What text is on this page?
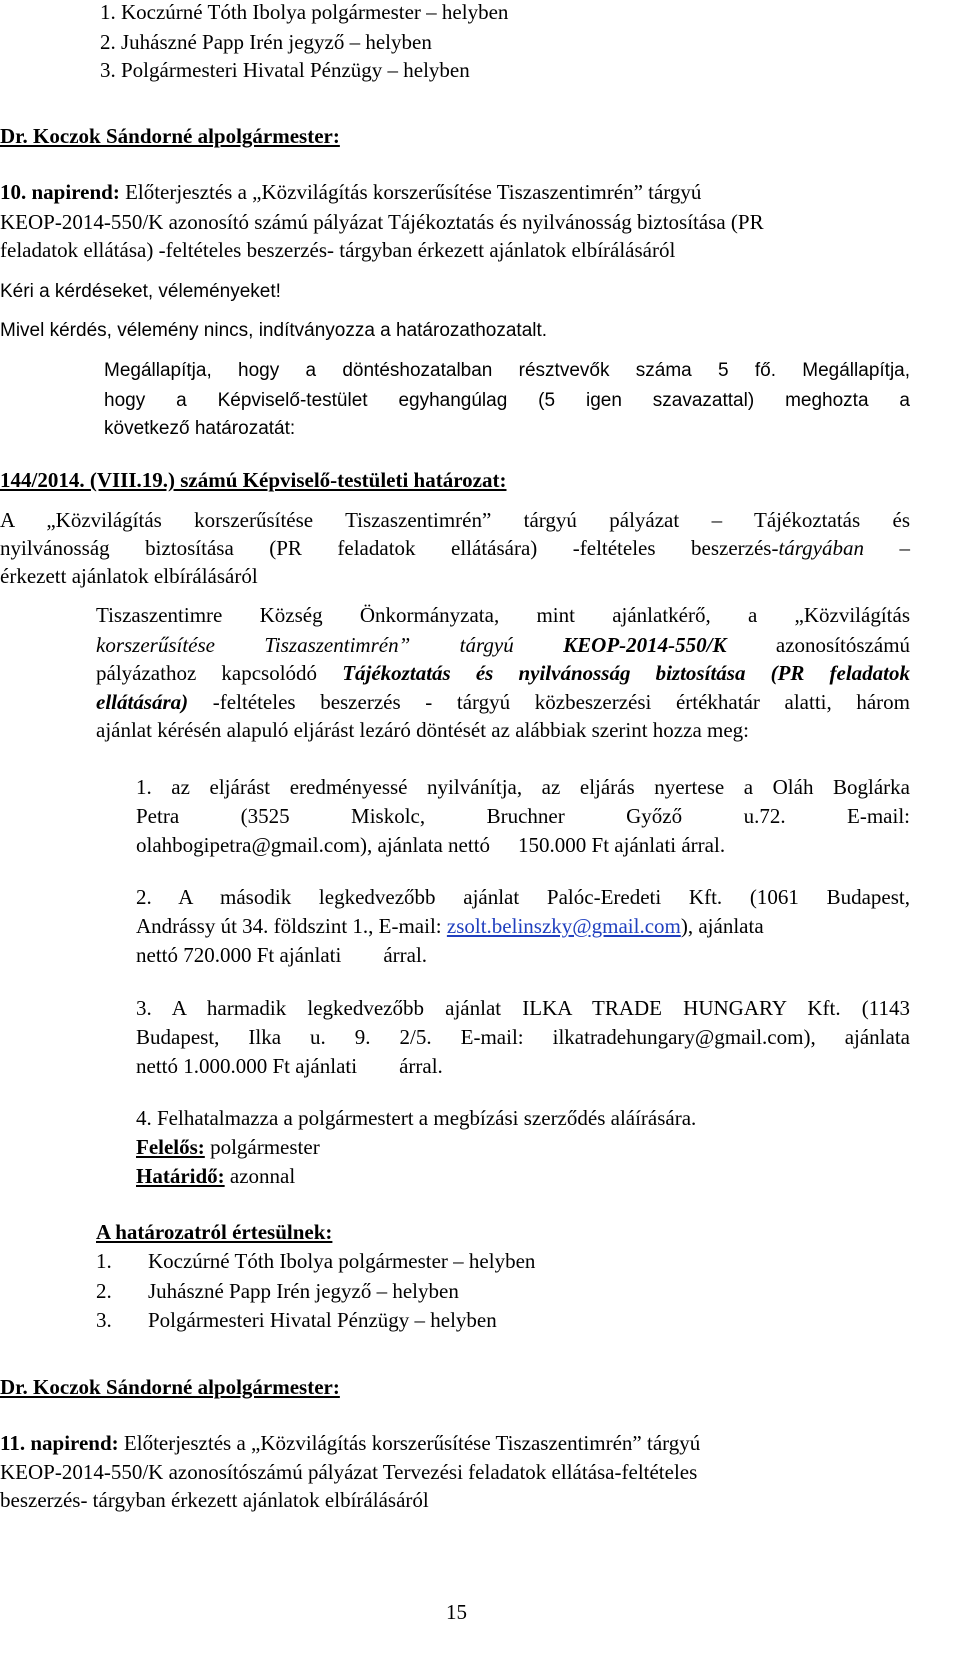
1. Koczúrné Tóth Ibolya polgármester – helyben
2. Juhászné Papp Irén jegyző – helyben
3. Polgármesteri Hivatal Pénzügy – helyben
Dr. Koczok Sándorné alpolgármester:
10. napirend: Előterjesztés a „Közvilágítás korszerűsítése Tiszaszentimrén” tárgyú
KEOP-2014-550/K azonosító számú pályázat Tájékoztatás és nyilvánosság biztosítása (PR
feladatok ellátása) -feltételes beszerzés- tárgyban érkezett ajánlatok elbírálásáról
Kéri a kérdéseket, véleményeket!
Mivel kérdés, vélemény nincs, indítványozza a határozathozatalt.
Megállapítja, hogy a döntéshozatalban résztvevők száma 5 fő. Megállapítja,
hogy a Képviselő-testület egyhangúlag (5 igen szavazattal) meghozta a
következő határozatát:
144/2014. (VIII.19.) számú Képviselő-testületi határozat:
A „Közvilágítás korszerűsítése Tiszaszentimrén” tárgyú pályázat – Tájékoztatás és
nyilvánosság biztosítása (PR feladatok ellátására) -feltételes beszerzés-tárgyában –
érkezett ajánlatok elbírálásáról
Tiszaszentimre Község Önkormányzata, mint ajánlatkérő, a „Közvilágítás
korszerűsítése Tiszaszentimrén” tárgyú KEOP-2014-550/K azonosítószámú
pályázathoz kapcsolódó Tájékoztatás és nyilvánosság biztosítása (PR feladatok
ellátására) -feltételes beszerzés - tárgyú közbeszerzési értékhatár alatti, három
ajánlat kérésén alapuló eljárást lezáró döntését az alábbiak szerint hozza meg:
1. az eljárást eredményessé nyilvánítja, az eljárás nyertese a Oláh Boglárka
Petra (3525	Miskolc,	Bruchner	Győző	u.72.	E-mail:
olahbogipetra@gmail.com), ajánlata nettó 150.000 Ft ajánlati árral.
2. A második legkedvezőbb ajánlat Palóc-Eredeti Kft. (1061 Budapest,
Andrássy út 34. földszint 1., E-mail: zsolt.belinszky@gmail.com), ajánlata
nettó 720.000 Ft ajánlati árral.
3. A harmadik legkedvezőbb ajánlat ILKA TRADE HUNGARY Kft. (1143
Budapest, Ilka u. 9. 2/5. E-mail: ilkatradehungary@gmail.com), ajánlata
nettó 1.000.000 Ft ajánlati árral.
4. Felhatalmazza a polgármestert a megbízási szerződés aláírására.
Felelős: polgármester
Határidő: azonnal
A határozatról értesülnek:
1. Koczúrné Tóth Ibolya polgármester – helyben
2. Juhászné Papp Irén jegyző – helyben
3. Polgármesteri Hivatal Pénzügy – helyben
Dr. Koczok Sándorné alpolgármester:
11. napirend: Előterjesztés a „Közvilágítás korszerűsítése Tiszaszentimrén” tárgyú
KEOP-2014-550/K azonosítószámú pályázat Tervezési feladatok ellátása-feltételes
beszerzés- tárgyban érkezett ajánlatok elbírálásáról
15
